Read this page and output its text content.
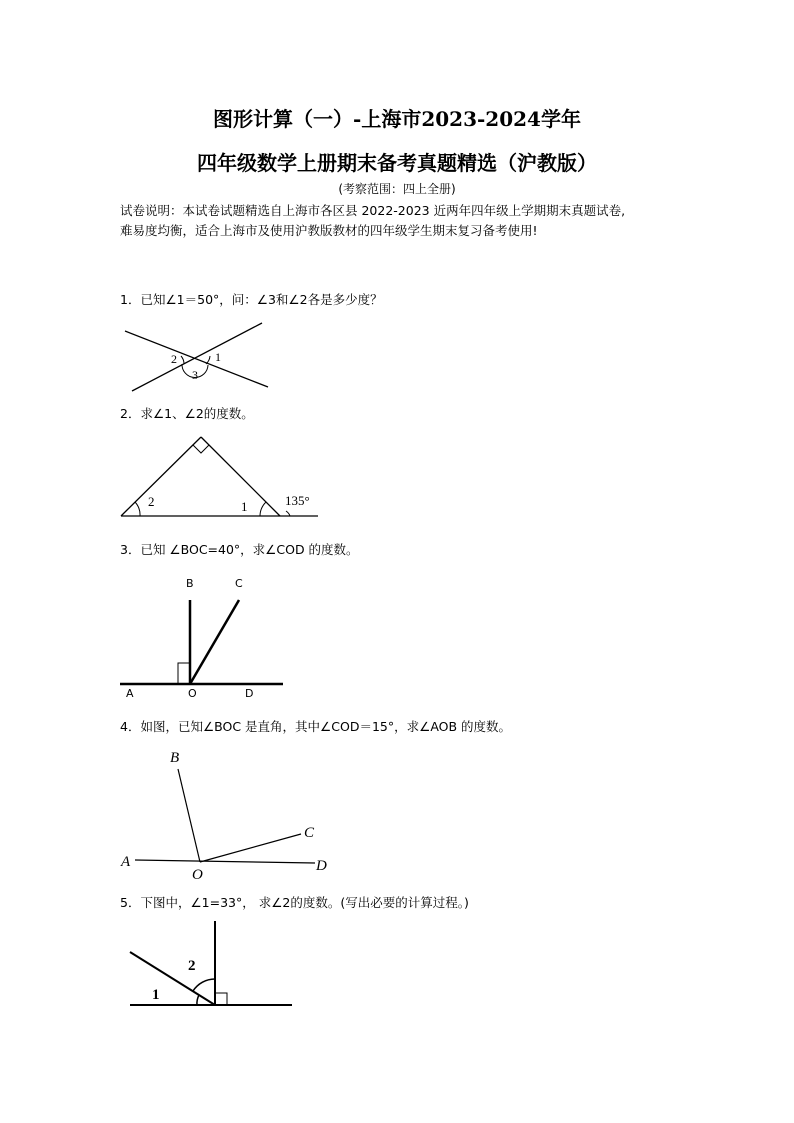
图形计算（一）-上海市2023-2024学年
四年级数学上册期末备考真题精选（沪教版）
(考察范围：四上全册)
试卷说明：本试卷试题精选自上海市各区县 2022-2023 近两年四年级上学期期末真题试卷,
难易度均衡，适合上海市及使用沪教版教材的四年级学生期末复习备考使用!
1．已知∠1＝50°，问：∠3和∠2各是多少度？
2	1
3
2．求∠1、∠2的度数。
2	1	135°
3．已知 ∠BOC=40°，求∠COD 的度数。
B	C
A	O	D
4．如图，已知∠BOC 是直角，其中∠COD＝15°，求∠AOB 的度数。
B
C
A
O
D
5．下图中，∠1=33°， 求∠2的度数。(写出必要的计算过程。)
2
1
